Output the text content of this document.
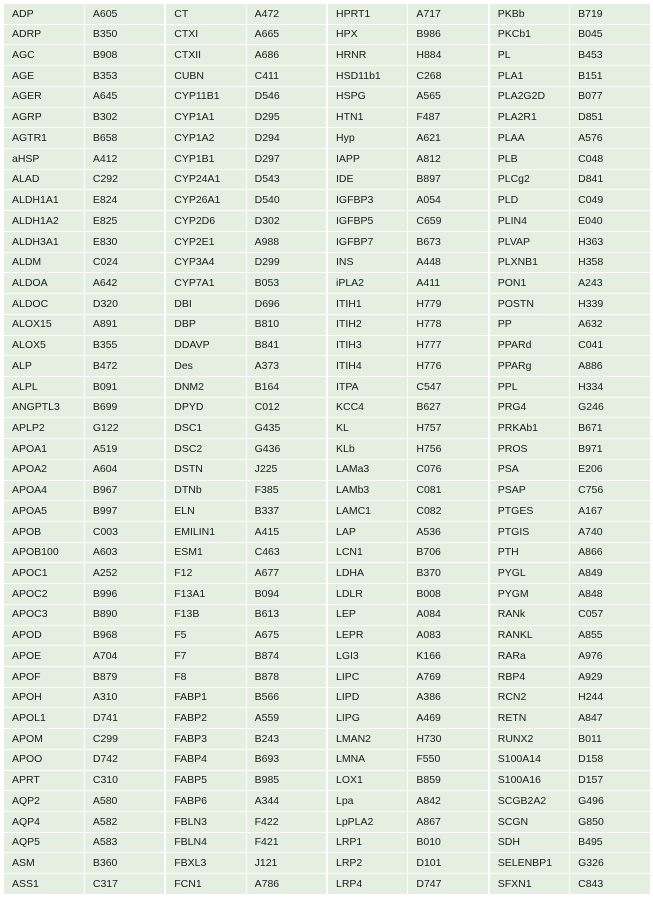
ADP	A605	CT	A472	HPRT1	A717	PKBb	B719
ADRP	B350	CTXI	A665	HPX	B986	PKCb1	B045
AGC	B908	CTXII	A686	HRNR	H884	PL	B453
AGE	B353	CUBN	C411	HSD11b1	C268	PLA1	B151
AGER	A645	CYP11B1	D546	HSPG	A565	PLA2G2D	B077
AGRP	B302	CYP1A1	D295	HTN1	F487	PLA2R1	D851
AGTR1	B658	CYP1A2	D294	Hyp	A621	PLAA	A576
aHSP	A412	CYP1B1	D297	IAPP	A812	PLB	C048
ALAD	C292	CYP24A1	D543	IDE	B897	PLCg2	D841
ALDH1A1	E824	CYP26A1	D540	IGFBP3	A054	PLD	C049
ALDH1A2	E825	CYP2D6	D302	IGFBP5	C659	PLIN4	E040
ALDH3A1	E830	CYP2E1	A988	IGFBP7	B673	PLVAP	H363
ALDM	C024	CYP3A4	D299	INS	A448	PLXNB1	H358
ALDOA	A642	CYP7A1	B053	iPLA2	A411	PON1	A243
ALDOC	D320	DBI	D696	ITIH1	H779	POSTN	H339
ALOX15	A891	DBP	B810	ITIH2	H778	PP	A632
ALOX5	B355	DDAVP	B841	ITIH3	H777	PPARd	C041
ALP	B472	Des	A373	ITIH4	H776	PPARg	A886
ALPL	B091	DNM2	B164	ITPA	C547	PPL	H334
ANGPTL3	B699	DPYD	C012	KCC4	B627	PRG4	G246
APLP2	G122	DSC1	G435	KL	H757	PRKAb1	B671
APOA1	A519	DSC2	G436	KLb	H756	PROS	B971
APOA2	A604	DSTN	J225	LAMa3	C076	PSA	E206
APOA4	B967	DTNb	F385	LAMb3	C081	PSAP	C756
APOA5	B997	ELN	B337	LAMC1	C082	PTGES	A167
APOB	C003	EMILIN1	A415	LAP	A536	PTGIS	A740
APOB100	A603	ESM1	C463	LCN1	B706	PTH	A866
APOC1	A252	F12	A677	LDHA	B370	PYGL	A849
APOC2	B996	F13A1	B094	LDLR	B008	PYGM	A848
APOC3	B890	F13B	B613	LEP	A084	RANk	C057
APOD	B968	F5	A675	LEPR	A083	RANKL	A855
APOE	A704	F7	B874	LGI3	K166	RARa	A976
APOF	B879	F8	B878	LIPC	A769	RBP4	A929
APOH	A310	FABP1	B566	LIPD	A386	RCN2	H244
APOL1	D741	FABP2	A559	LIPG	A469	RETN	A847
APOM	C299	FABP3	B243	LMAN2	H730	RUNX2	B011
APOO	D742	FABP4	B693	LMNA	F550	S100A14	D158
APRT	C310	FABP5	B985	LOX1	B859	S100A16	D157
AQP2	A580	FABP6	A344	Lpa	A842	SCGB2A2	G496
AQP4	A582	FBLN3	F422	LpPLA2	A867	SCGN	G850
AQP5	A583	FBLN4	F421	LRP1	B010	SDH	B495
ASM	B360	FBXL3	J121	LRP2	D101	SELENBP1	G326
ASS1	C317	FCN1	A786	LRP4	D747	SFXN1	C843
